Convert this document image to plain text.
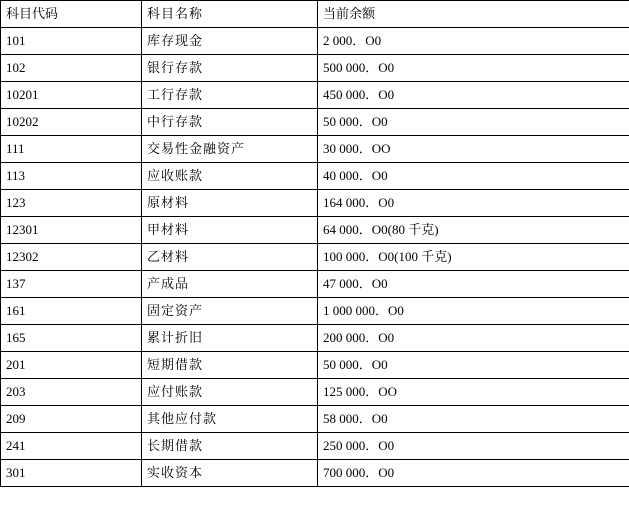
科目代码	科目名称	当前余额
101	库存现金	2 000．O0
102	银行存款	500 000．O0
10201	工行存款	450 000．O0
10202	中行存款	50 000．O0
111	交易性金融资产	30 000．OO
113	应收账款	40 000．O0
123	原材料	164 000．O0
12301	甲材料	64 000．O0(80 千克)
12302	乙材料	100 000．O0(100 千克)
137	产成品	47 000．O0
161	固定资产	1 000 000．O0
165	累计折旧	200 000．O0
201	短期借款	50 000．O0
203	应付账款	125 000．OO
209	其他应付款	58 000．O0
241	长期借款	250 000．O0
301	实收资本	700 000．O0
